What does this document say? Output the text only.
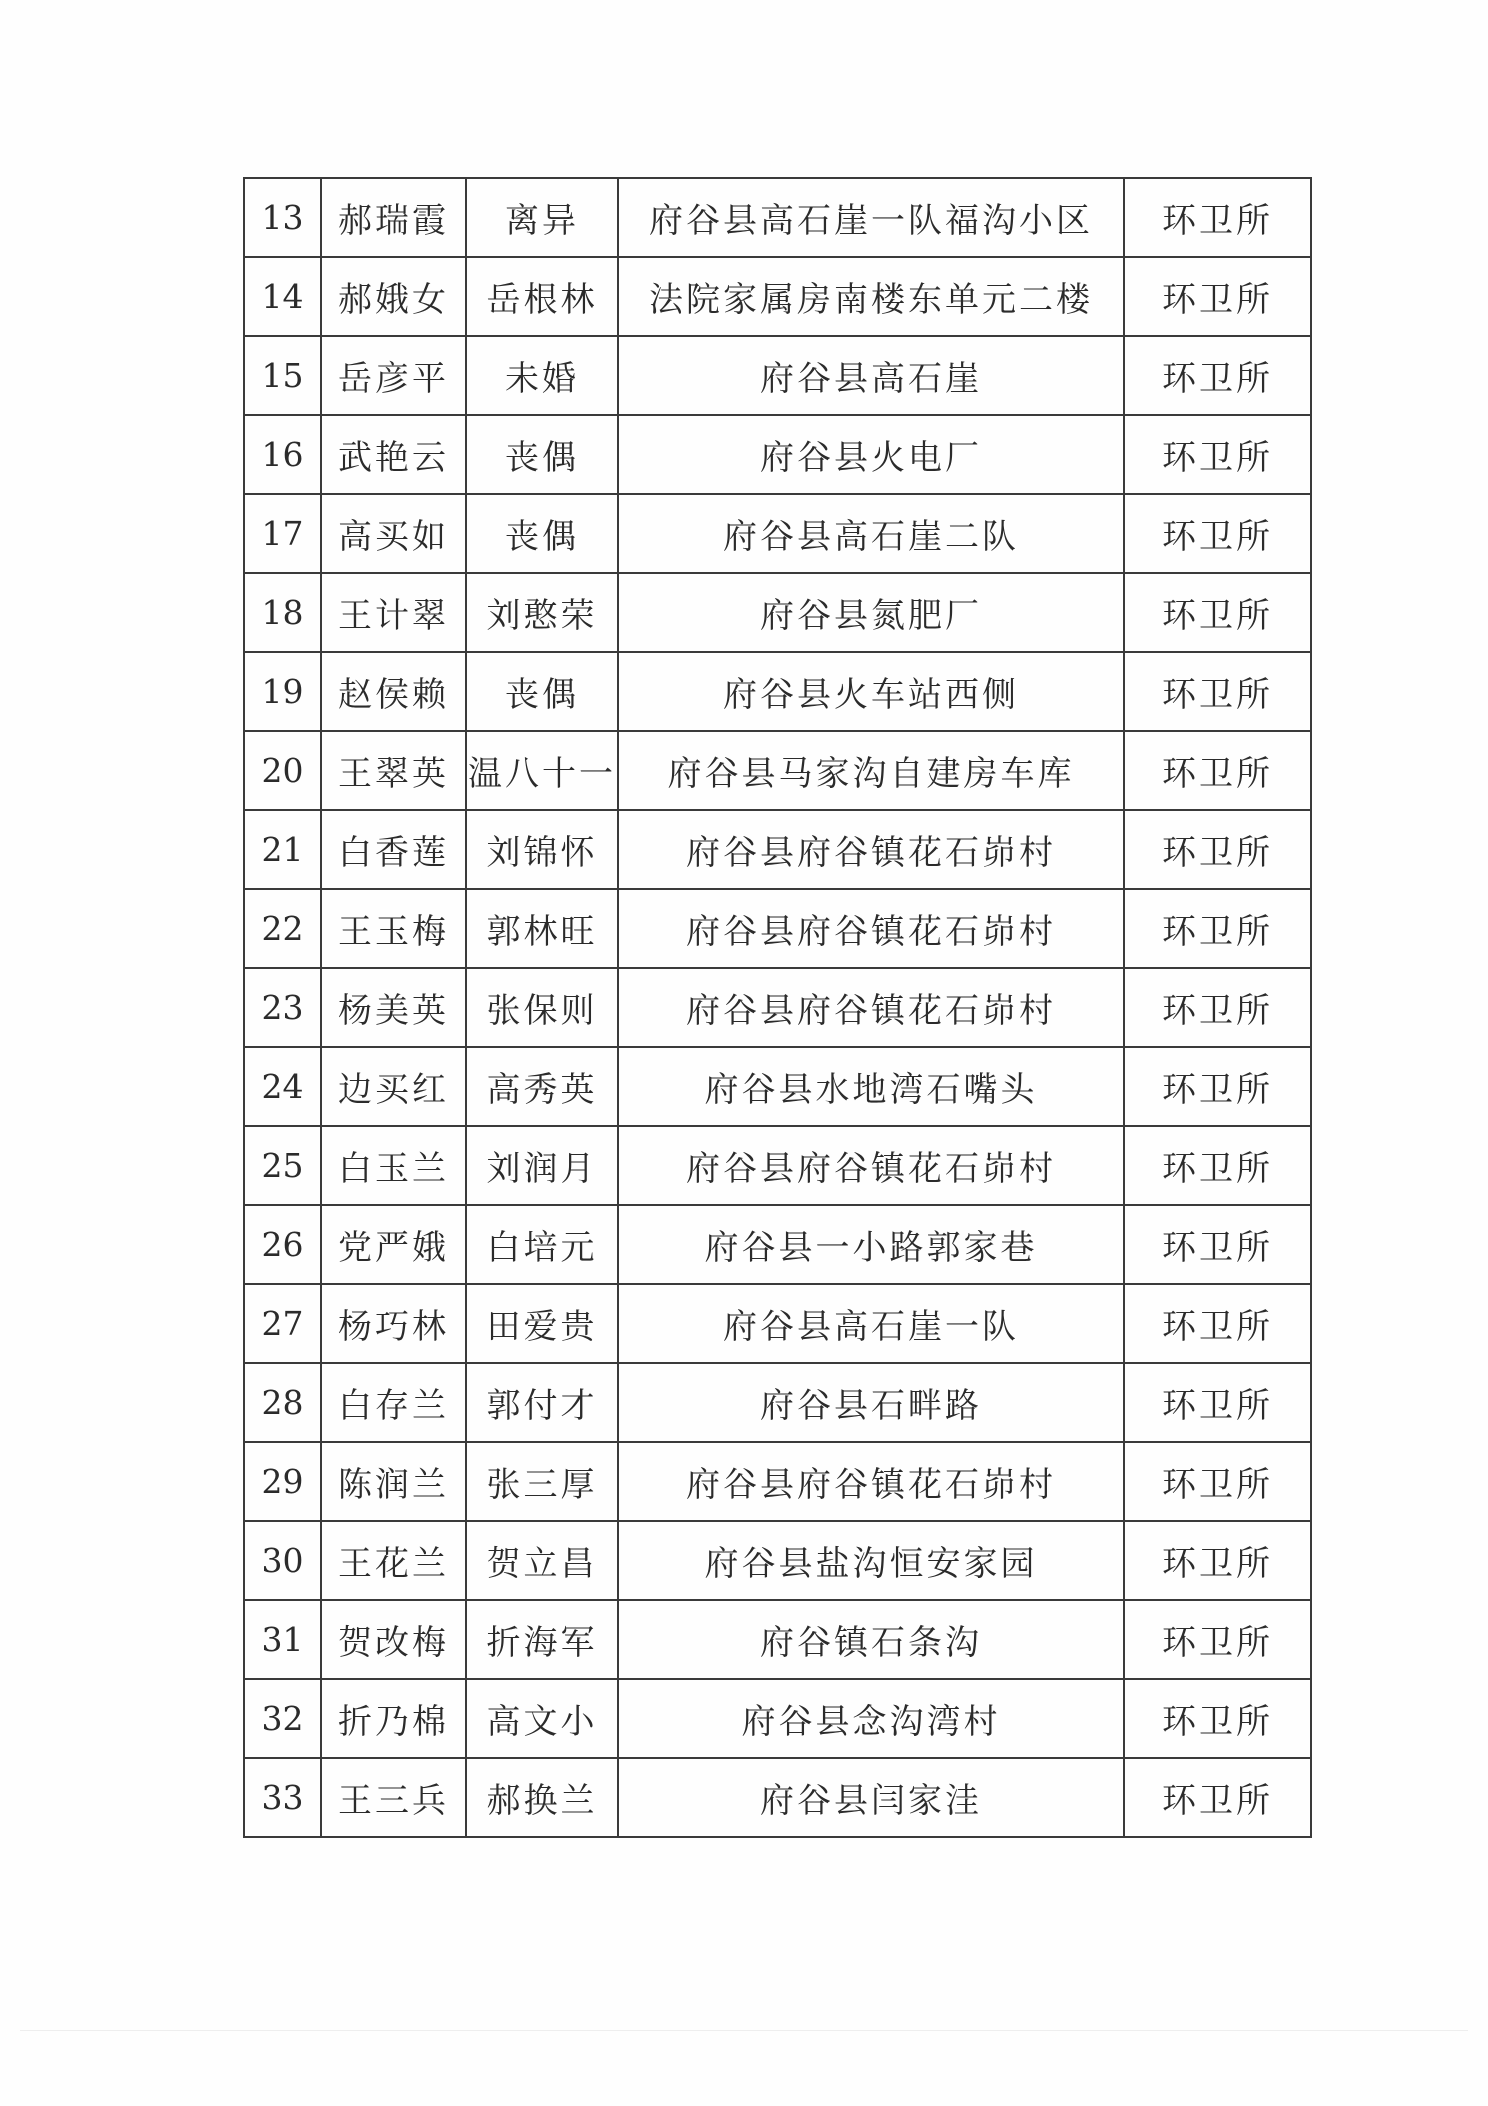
13	郝瑞霞	离异	府谷县高石崖一队福沟小区	环卫所
14	郝娥女	岳根林	法院家属房南楼东单元二楼	环卫所
15	岳彦平	未婚	府谷县高石崖	环卫所
16	武艳云	丧偶	府谷县火电厂	环卫所
17	高买如	丧偶	府谷县高石崖二队	环卫所
18	王计翠	刘憨荣	府谷县氮肥厂	环卫所
19	赵侯赖	丧偶	府谷县火车站西侧	环卫所
20	王翠英	温八十一	府谷县马家沟自建房车库	环卫所
21	白香莲	刘锦怀	府谷县府谷镇花石峁村	环卫所
22	王玉梅	郭林旺	府谷县府谷镇花石峁村	环卫所
23	杨美英	张保则	府谷县府谷镇花石峁村	环卫所
24	边买红	高秀英	府谷县水地湾石嘴头	环卫所
25	白玉兰	刘润月	府谷县府谷镇花石峁村	环卫所
26	党严娥	白培元	府谷县一小路郭家巷	环卫所
27	杨巧林	田爱贵	府谷县高石崖一队	环卫所
28	白存兰	郭付才	府谷县石畔路	环卫所
29	陈润兰	张三厚	府谷县府谷镇花石峁村	环卫所
30	王花兰	贺立昌	府谷县盐沟恒安家园	环卫所
31	贺改梅	折海军	府谷镇石条沟	环卫所
32	折乃棉	高文小	府谷县念沟湾村	环卫所
33	王三兵	郝换兰	府谷县闫家洼	环卫所
